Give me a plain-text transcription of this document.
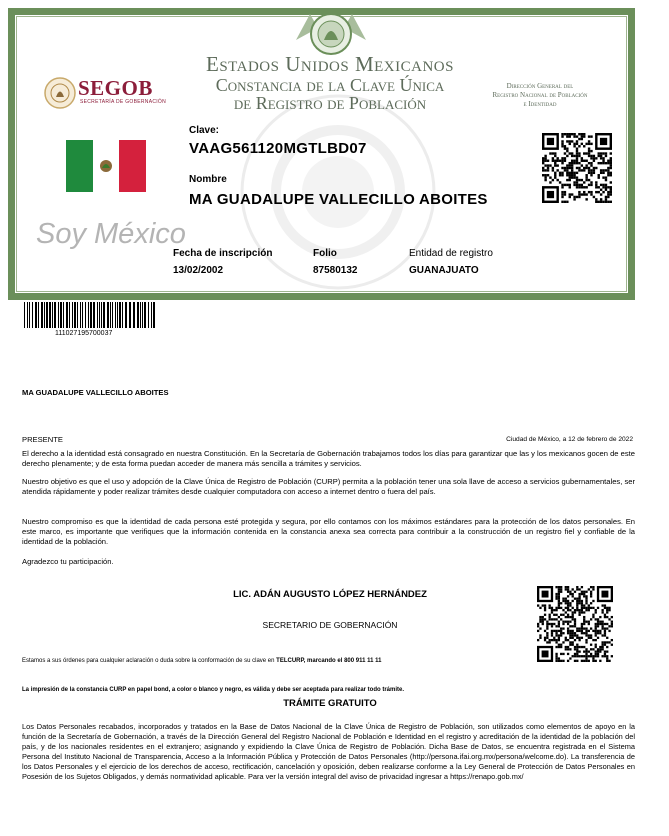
Estados Unidos Mexicanos
Constancia de la Clave Única
de Registro de Población
SEGOB
SECRETARÍA DE GOBERNACIÓN
Dirección General del
Registro Nacional de Población
e Identidad
Clave:
VAAG561120MGTLBD07
Nombre
MA GUADALUPE VALLECILLO ABOITES
Soy México
Fecha de inscripción
13/02/2002
Folio
87580132
Entidad de registro
GUANAJUATO
111027195700037
MA GUADALUPE VALLECILLO ABOITES
PRESENTE	Ciudad de México, a 12 de febrero de 2022
El derecho a la identidad está consagrado en nuestra Constitución. En la Secretaría de Gobernación trabajamos todos los días para garantizar que las y los mexicanos gocen de este derecho plenamente; y de esta forma puedan acceder de manera más sencilla a trámites y servicios.
Nuestro objetivo es que el uso y adopción de la Clave Única de Registro de Población (CURP) permita a la población tener una sola llave de acceso a servicios gubernamentales, ser atendida rápidamente y poder realizar trámites desde cualquier computadora con acceso a internet dentro o fuera del país.
Nuestro compromiso es que la identidad de cada persona esté protegida y segura, por ello contamos con los máximos estándares para la protección de los datos personales. En este marco, es importante que verifiques que la información contenida en la constancia anexa sea correcta para contribuir a la construcción de un registro fiel y confiable de la identidad de la población.
Agradezco tu participación.
LIC. ADÁN AUGUSTO LÓPEZ HERNÁNDEZ
SECRETARIO DE GOBERNACIÓN
Estamos a sus órdenes para cualquier aclaración o duda sobre la conformación de su clave en TELCURP, marcando el 800 911 11 11
La impresión de la constancia CURP en papel bond, a color o blanco y negro, es válida y debe ser aceptada para realizar todo trámite.
TRÁMITE GRATUITO
Los Datos Personales recabados, incorporados y tratados en la Base de Datos Nacional de la Clave Única de Registro de Población, son utilizados como elementos de apoyo en la función de la Secretaría de Gobernación, a través de la Dirección General del Registro Nacional de Población e Identidad en el registro y acreditación de la identidad de la población del país, y de los nacionales residentes en el extranjero; asignando y expidiendo la Clave Única de Registro de Población. Dicha Base de Datos, se encuentra registrada en el Sistema Persona del Instituto Nacional de Transparencia, Acceso a la Información Pública y Protección de Datos Personales (http://persona.ifai.org.mx/persona/welcome.do). La transferencia de los Datos Personales y el ejercicio de los derechos de acceso, rectificación, cancelación y oposición, deben realizarse conforme a la Ley General de Protección de Datos Personales en Posesión de los Sujetos Obligados, y demás normatividad aplicable. Para ver la versión integral del aviso de privacidad ingresar a https://renapo.gob.mx/
